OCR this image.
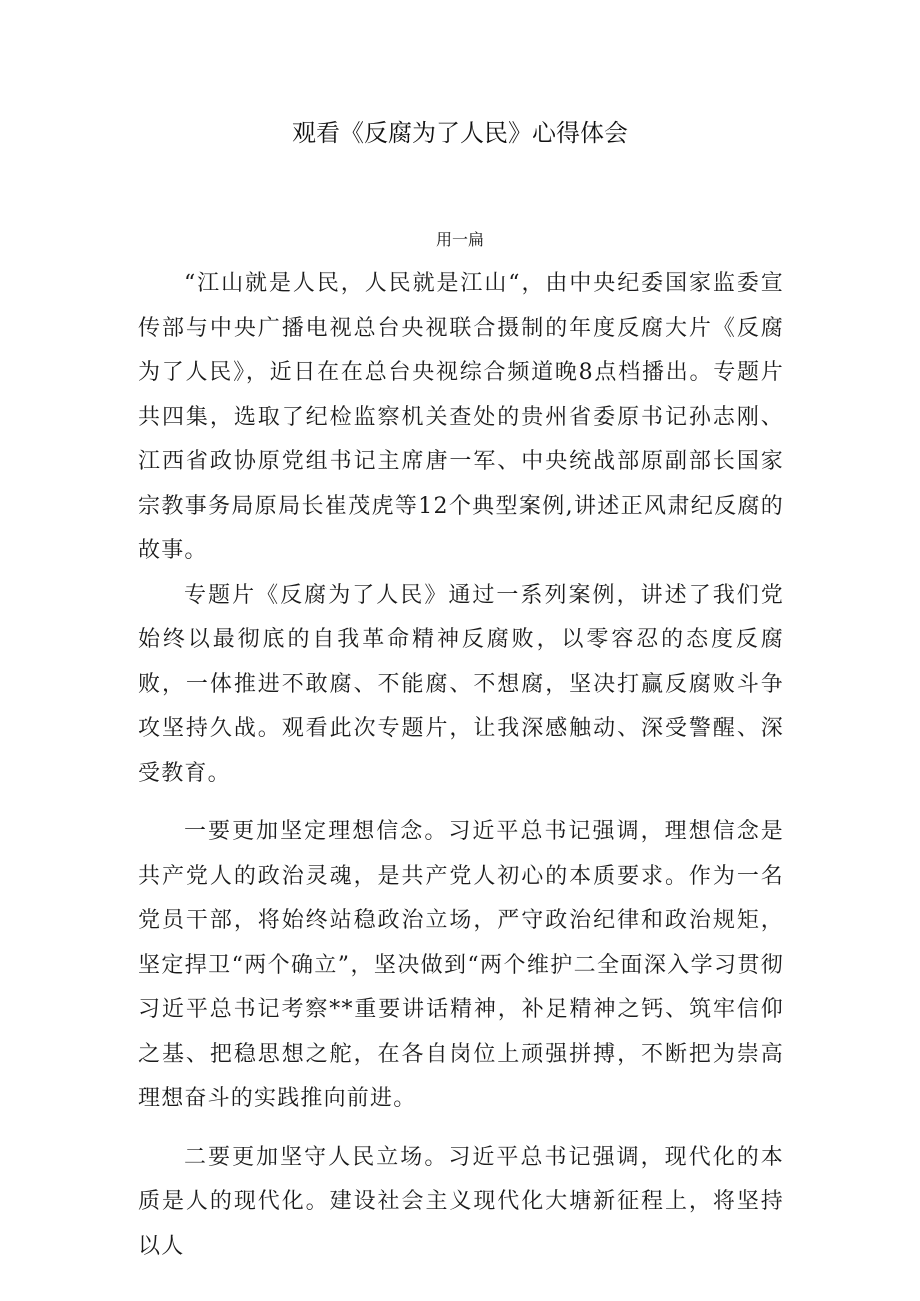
观看《反腐为了人民》心得体会
用一扁

“江山就是人民，人民就是江山“，由中央纪委国家监委宣传部与中央广播电视总台央视联合摄制的年度反腐大片《反腐为了人民》，近日在在总台央视综合频道晚8点档播出。专题片共四集，选取了纪检监察机关查处的贵州省委原书记孙志刚、江西省政协原党组书记主席唐一军、中央统战部原副部长国家宗教事务局原局长崔茂虎等12个典型案例,讲述正风肃纪反腐的故事。

专题片《反腐为了人民》通过一系列案例，讲述了我们党始终以最彻底的自我革命精神反腐败，以零容忍的态度反腐败，一体推进不敢腐、不能腐、不想腐，坚决打赢反腐败斗争攻坚持久战。观看此次专题片，让我深感触动、深受警醒、深受教育。

一要更加坚定理想信念。习近平总书记强调，理想信念是共产党人的政治灵魂，是共产党人初心的本质要求。作为一名党员干部，将始终站稳政治立场，严守政治纪律和政治规矩，坚定捍卫“两个确立”，坚决做到“两个维护二全面深入学习贯彻习近平总书记考察**重要讲话精神，补足精神之钙、筑牢信仰之基、把稳思想之舵，在各自岗位上顽强拼搏，不断把为崇高理想奋斗的实践推向前进。

二要更加坚守人民立场。习近平总书记强调，现代化的本质是人的现代化。建设社会主义现代化大塘新征程上，将坚持以人
